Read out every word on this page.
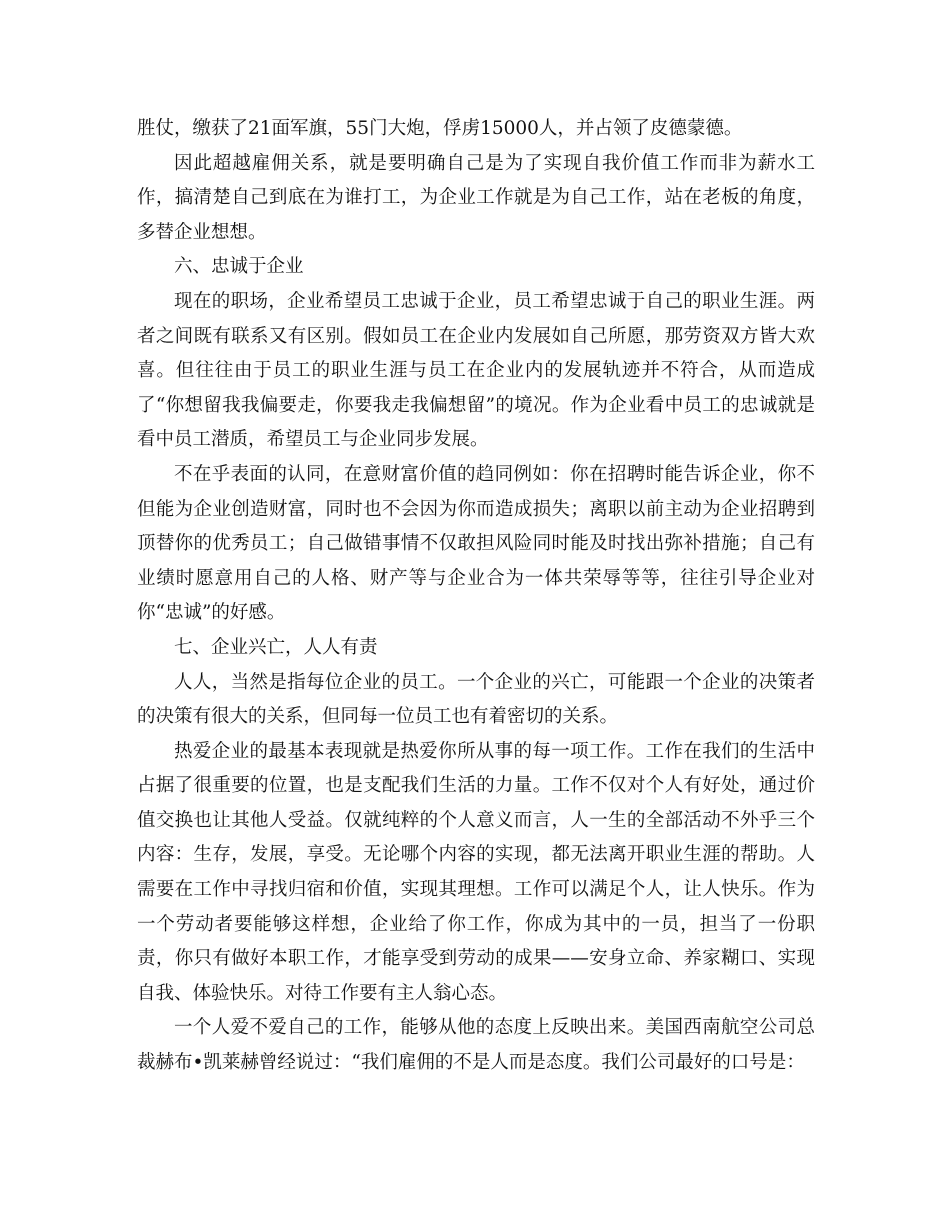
胜仗，缴获了21面军旗，55门大炮，俘虏15000人，并占领了皮德蒙德。

因此超越雇佣关系，就是要明确自己是为了实现自我价值工作而非为薪水工作，搞清楚自己到底在为谁打工，为企业工作就是为自己工作，站在老板的角度，多替企业想想。

六、忠诚于企业

现在的职场，企业希望员工忠诚于企业，员工希望忠诚于自己的职业生涯。两者之间既有联系又有区别。假如员工在企业内发展如自己所愿，那劳资双方皆大欢喜。但往往由于员工的职业生涯与员工在企业内的发展轨迹并不符合，从而造成了“你想留我我偏要走，你要我走我偏想留”的境况。作为企业看中员工的忠诚就是看中员工潜质，希望员工与企业同步发展。

不在乎表面的认同，在意财富价值的趋同例如：你在招聘时能告诉企业，你不但能为企业创造财富，同时也不会因为你而造成损失；离职以前主动为企业招聘到顶替你的优秀员工；自己做错事情不仅敢担风险同时能及时找出弥补措施；自己有业绩时愿意用自己的人格、财产等与企业合为一体共荣辱等等，往往引导企业对你“忠诚”的好感。

七、企业兴亡，人人有责

人人，当然是指每位企业的员工。一个企业的兴亡，可能跟一个企业的决策者的决策有很大的关系，但同每一位员工也有着密切的关系。

热爱企业的最基本表现就是热爱你所从事的每一项工作。工作在我们的生活中占据了很重要的位置，也是支配我们生活的力量。工作不仅对个人有好处，通过价值交换也让其他人受益。仅就纯粹的个人意义而言，人一生的全部活动不外乎三个内容：生存，发展，享受。无论哪个内容的实现，都无法离开职业生涯的帮助。人需要在工作中寻找归宿和价值，实现其理想。工作可以满足个人，让人快乐。作为一个劳动者要能够这样想，企业给了你工作，你成为其中的一员，担当了一份职责，你只有做好本职工作，才能享受到劳动的成果——安身立命、养家糊口、实现自我、体验快乐。对待工作要有主人翁心态。

一个人爱不爱自己的工作，能够从他的态度上反映出来。美国西南航空公司总裁赫布•凯莱赫曾经说过：“我们雇佣的不是人而是态度。我们公司最好的口号是：
